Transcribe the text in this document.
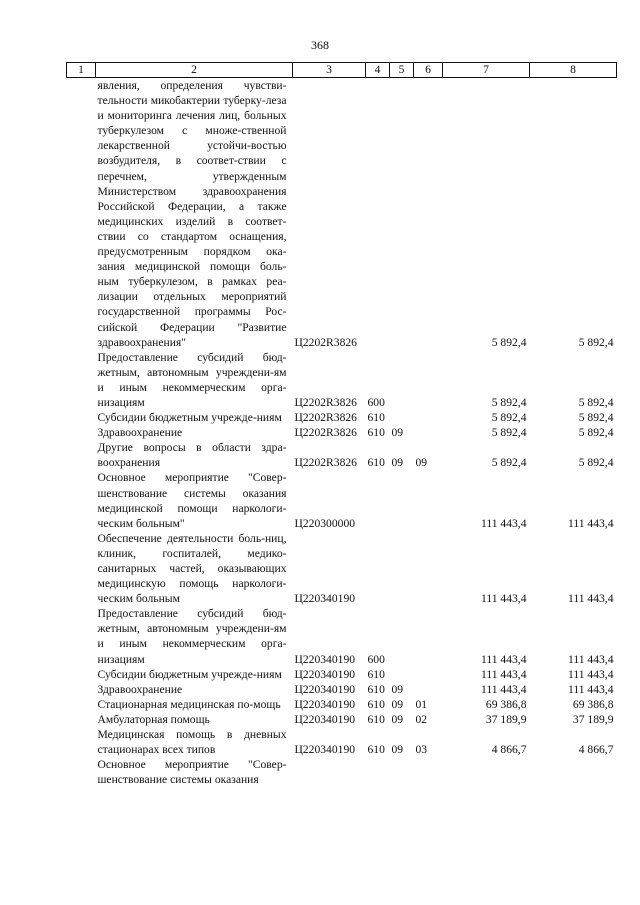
368
1	2	3	4	5	6	7	8
	явления, определения чувстви-тельности микобактерии туберку-леза и мониторинга лечения лиц, больных туберкулезом с множе-ственной лекарственной устойчи-востью возбудителя, в соответ-ствии с перечнем, утвержденным Министерством здравоохранения Российской Федерации, а также медицинских изделий в соответ-ствии со стандартом оснащения, предусмотренным порядком ока-зания медицинской помощи боль-ным туберкулезом, в рамках реа-лизации отдельных мероприятий государственной программы Рос-сийской Федерации "Развитие здравоохранения"	Ц2202R3826				5 892,4	5 892,4
	Предоставление субсидий бюд-жетным, автономным учреждени-ям и иным некоммерческим орга-низациям	Ц2202R3826	600			5 892,4	5 892,4
	Субсидии бюджетным учрежде-ниям	Ц2202R3826	610			5 892,4	5 892,4
	Здравоохранение	Ц2202R3826	610	09		5 892,4	5 892,4
	Другие вопросы в области здра-воохранения	Ц2202R3826	610	09	09	5 892,4	5 892,4
	Основное мероприятие "Совер-шенствование системы оказания медицинской помощи наркологи-ческим больным"	Ц220300000				111 443,4	111 443,4
	Обеспечение деятельности боль-ниц, клиник, госпиталей, медико-санитарных частей, оказывающих медицинскую помощь наркологи-ческим больным	Ц220340190				111 443,4	111 443,4
	Предоставление субсидий бюд-жетным, автономным учреждени-ям и иным некоммерческим орга-низациям	Ц220340190	600			111 443,4	111 443,4
	Субсидии бюджетным учрежде-ниям	Ц220340190	610			111 443,4	111 443,4
	Здравоохранение	Ц220340190	610	09		111 443,4	111 443,4
	Стационарная медицинская по-мощь	Ц220340190	610	09	01	69 386,8	69 386,8
	Амбулаторная помощь	Ц220340190	610	09	02	37 189,9	37 189,9
	Медицинская помощь в дневных стационарах всех типов	Ц220340190	610	09	03	4 866,7	4 866,7
	Основное мероприятие "Совер-шенствование системы оказания						
